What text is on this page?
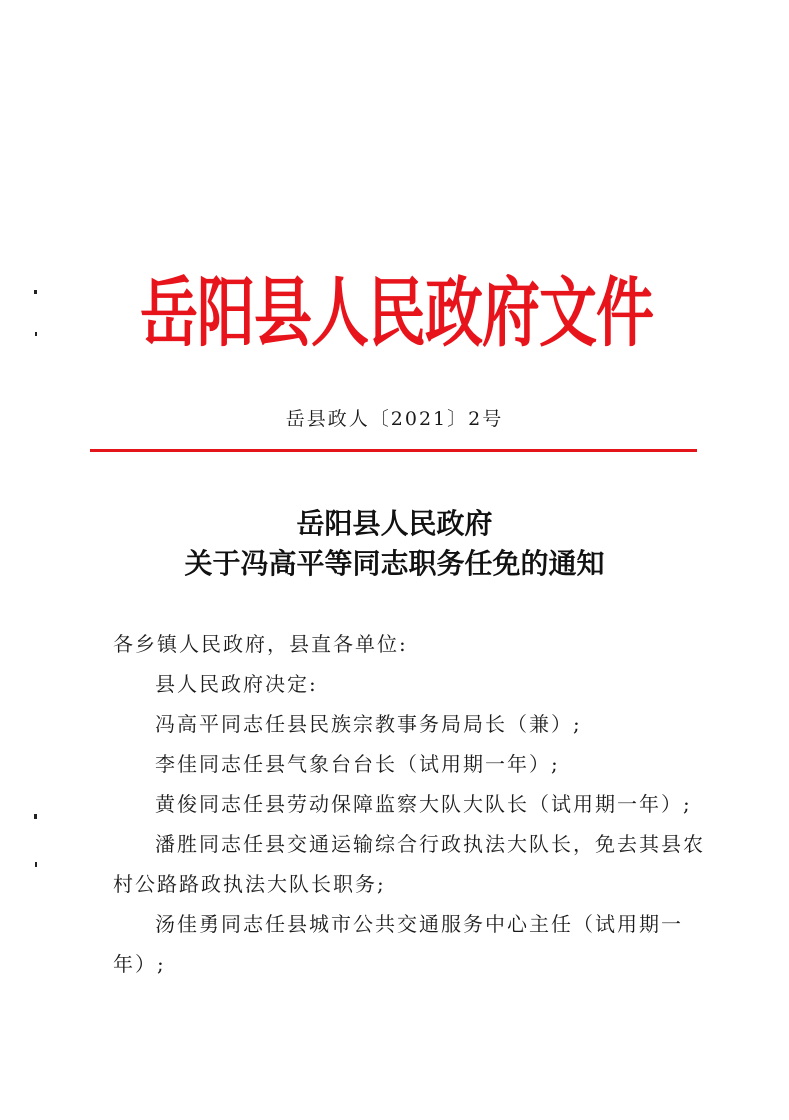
岳阳县人民政府文件
岳县政人〔2021〕2号
岳阳县人民政府
关于冯高平等同志职务任免的通知

各乡镇人民政府，县直各单位:

县人民政府决定:

冯高平同志任县民族宗教事务局局长（兼）;

李佳同志任县气象台台长（试用期一年）;

黄俊同志任县劳动保障监察大队大队长（试用期一年）;

潘胜同志任县交通运输综合行政执法大队长，免去其县农村公路路政执法大队长职务;

汤佳勇同志任县城市公共交通服务中心主任（试用期一年）;
